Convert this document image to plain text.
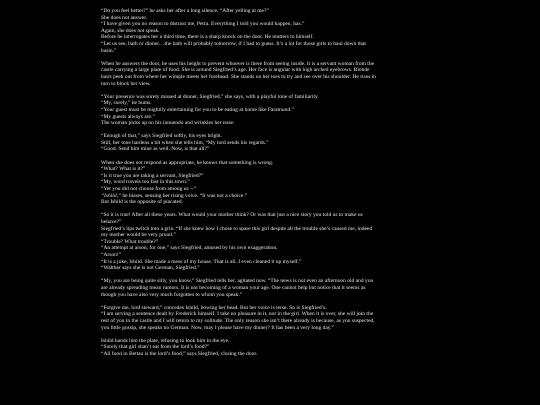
“Do you feel better?” he asks her after a long silence. “After yelling at me?”
She does not answer.
“I have given you no reason to distrust me, Petra. Everything I told you would happen, has.”
Again, she does not speak.
Before he interrogates her a third time, there is a sharp knock on the door. He mutters to himself.
“Let us see, bath or dinner…the bath will probably tomorrow, if I had to guess. It’s a lot for those girls to haul down that
basin.”
When he answers the door, he uses his height to prevent whoever is there from seeing inside. It is a servant woman from the
castle carrying a large plate of food. She is around Siegfried’s age. Her face is angular with high arched eyebrows. Blonde
hairs peek out from where her wimple meets her forehead. She stands on her toes to try and see over his shoulder. He rises in
turn to block her view.
“Your presence was sorely missed at dinner, Siegfried,” she says, with a playful tone of familiarity.
“My, surely,” he hums.
“Your guest must be mightily entertaining for you to be eating at home like Faramund.”
“My guests always are.”
The woman picks up on his innuendo and wrinkles her nose.
“Enough of that,” says Siegfried softly, his eyes bright.
Still, her tone hardens a bit when she tells him, “My lord sends his regards.”
“Good. Send him mine as well. Now, is that all?”
When she does not respond as appropriate, he knows that something is wrong.
“What? What is it?”
“Is it true you are taking a servant, Siegfried?”
“My, word travels too fast in this town.”
“Yet you did not choose from among us --”
“Ishild,” he hisses, sensing her rising voice. “It was not a choice.”
But Ishild is the opposite of placated.
“So it is true! After all these years. What would your mother think? Or was that just a nice story you told us to make us
behave?”
Siegfried’s lips twitch into a grin. “If she knew how I chose to spare this girl despite all the trouble she’s caused me, indeed
my mother would be very proud.”
“Trouble? What trouble?”
“An attempt at arson, for one,” says Siegfried, amused by his own exaggeration.
“Arson!”
“It is a joke, Ishild. She made a mess of my house. That is all. I even cleaned it up myself.”
“Walther says she is not German, Siegfried.”
“My, you are being quite silly, you know,” Siegfried tells her, agitated now. “The news is not even an afternoon old and you
are already spreading mean rumors. It is not becoming of a woman your age. One cannot help but notice that it seems as
though you have also very much forgotten to whom you speak.”
“Forgive me, lord steward,” concedes Ishild, bowing her head. But her voice is terse. So is Siegfried’s.
“I am serving a sentence dealt by Frederick himself. I take no pleasure in it, nor in the girl. When it is over, she will join the
rest of you in the castle and I will return to my solitude. The only reason she isn’t there already is because, as you suspected,
you little gossip, she speaks no German. Now, may I please have my dinner? It has been a very long day.”
Ishild hands him the plate, refusing to look him in the eye.
“Surely that girl shan’t eat from the lord’s food?”
“All food in Bettau is the lord’s food,” says Siegfried, closing the door.
